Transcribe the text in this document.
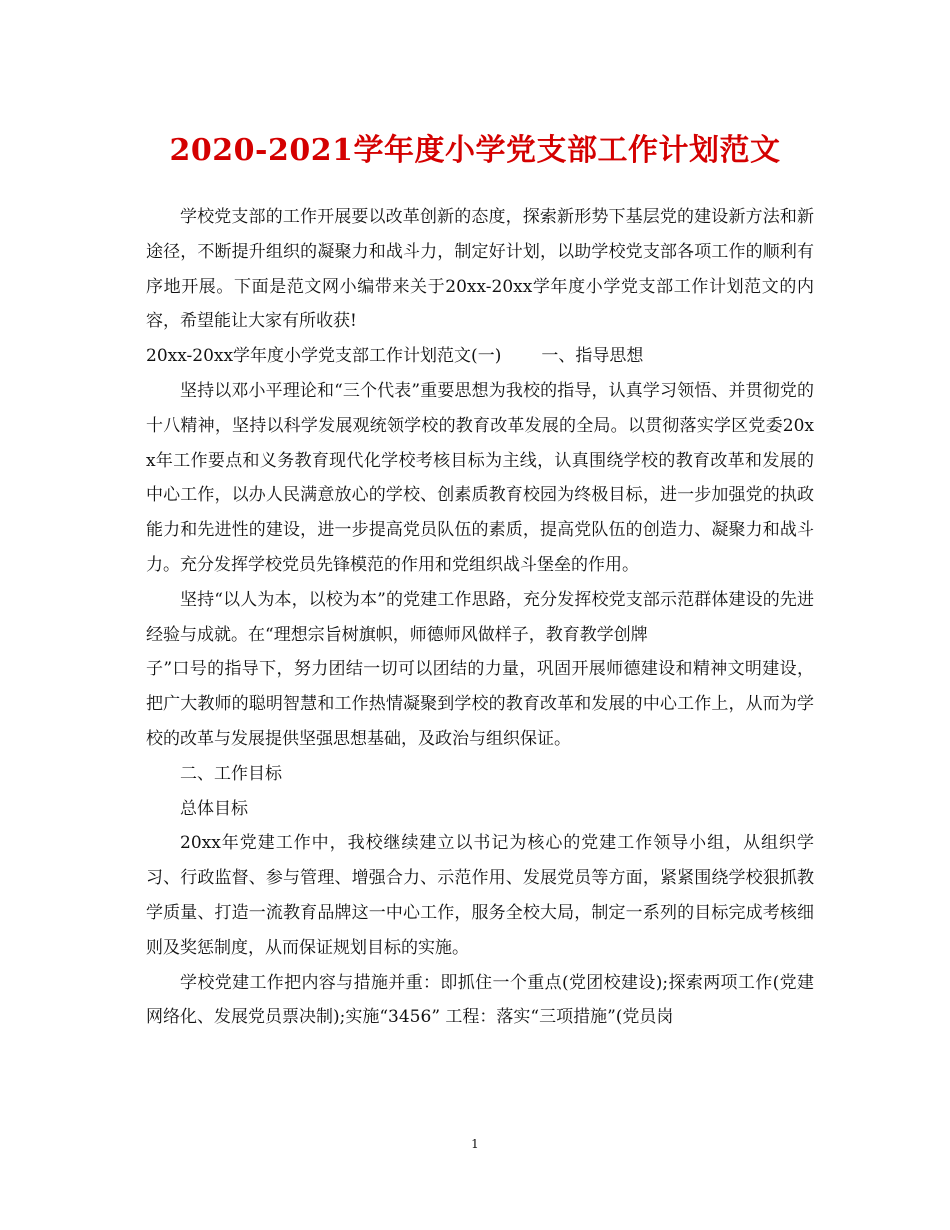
2020-2021学年度小学党支部工作计划范文

学校党支部的工作开展要以改革创新的态度，探索新形势下基层党的建设新方法和新途径，不断提升组织的凝聚力和战斗力，制定好计划，以助学校党支部各项工作的顺利有序地开展。下面是范文网小编带来关于20xx-20xx学年度小学党支部工作计划范文的内容，希望能让大家有所收获!

20xx-20xx学年度小学党支部工作计划范文(一) 一、指导思想

坚持以邓小平理论和“三个代表”重要思想为我校的指导，认真学习领悟、并贯彻党的十八精神，坚持以科学发展观统领学校的教育改革发展的全局。以贯彻落实学区党委20xx年工作要点和义务教育现代化学校考核目标为主线，认真围绕学校的教育改革和发展的中心工作，以办人民满意放心的学校、创素质教育校园为终极目标，进一步加强党的执政能力和先进性的建设，进一步提高党员队伍的素质，提高党队伍的创造力、凝聚力和战斗力。充分发挥学校党员先锋模范的作用和党组织战斗堡垒的作用。

坚持“以人为本，以校为本”的党建工作思路，充分发挥校党支部示范群体建设的先进经验与成就。在“理想宗旨树旗帜，师德师风做样子，教育教学创牌

子”口号的指导下，努力团结一切可以团结的力量，巩固开展师德建设和精神文明建设，把广大教师的聪明智慧和工作热情凝聚到学校的教育改革和发展的中心工作上，从而为学校的改革与发展提供坚强思想基础，及政治与组织保证。

二、工作目标

总体目标

20xx年党建工作中，我校继续建立以书记为核心的党建工作领导小组，从组织学习、行政监督、参与管理、增强合力、示范作用、发展党员等方面，紧紧围绕学校狠抓教学质量、打造一流教育品牌这一中心工作，服务全校大局，制定一系列的目标完成考核细则及奖惩制度，从而保证规划目标的实施。

学校党建工作把内容与措施并重：即抓住一个重点(党团校建设);探索两项工作(党建网络化、发展党员票决制);实施“3456” 工程：落实“三项措施”(党员岗

1
